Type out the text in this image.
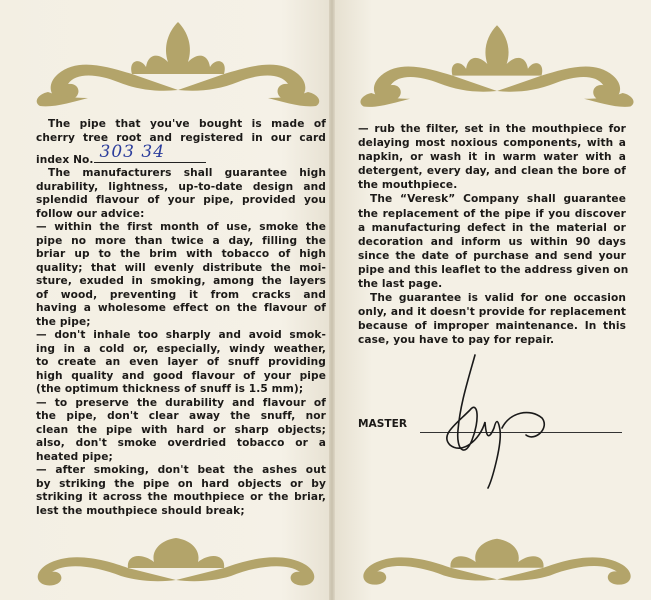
The pipe that you've bought is made of
cherry tree root and registered in our card
index No. 303 34
The manufacturers shall guarantee high
durability, lightness, up-to-date design and
splendid flavour of your pipe, provided you
follow our advice:
— within the first month of use, smoke the
pipe no more than twice a day, filling the
briar up to the brim with tobacco of high
quality; that will evenly distribute the moi-
sture, exuded in smoking, among the layers
of wood, preventing it from cracks and
having a wholesome effect on the flavour of
the pipe;
— don't inhale too sharply and avoid smok-
ing in a cold or, especially, windy weather,
to create an even layer of snuff providing
high quality and good flavour of your pipe
(the optimum thickness of snuff is 1.5 mm);
— to preserve the durability and flavour of
the pipe, don't clear away the snuff, nor
clean the pipe with hard or sharp objects;
also, don't smoke overdried tobacco or a
heated pipe;
— after smoking, don't beat the ashes out
by striking the pipe on hard objects or by
striking it across the mouthpiece or the briar,
lest the mouthpiece should break;
— rub the filter, set in the mouthpiece for
delaying most noxious components, with a
napkin, or wash it in warm water with a
detergent, every day, and clean the bore of
the mouthpiece.
The “Veresk” Company shall guarantee
the replacement of the pipe if you discover
a manufacturing defect in the material or
decoration and inform us within 90 days
since the date of purchase and send your
pipe and this leaflet to the address given on
the last page.
The guarantee is valid for one occasion
only, and it doesn't provide for replacement
because of improper maintenance. In this
case, you have to pay for repair.
MASTER
